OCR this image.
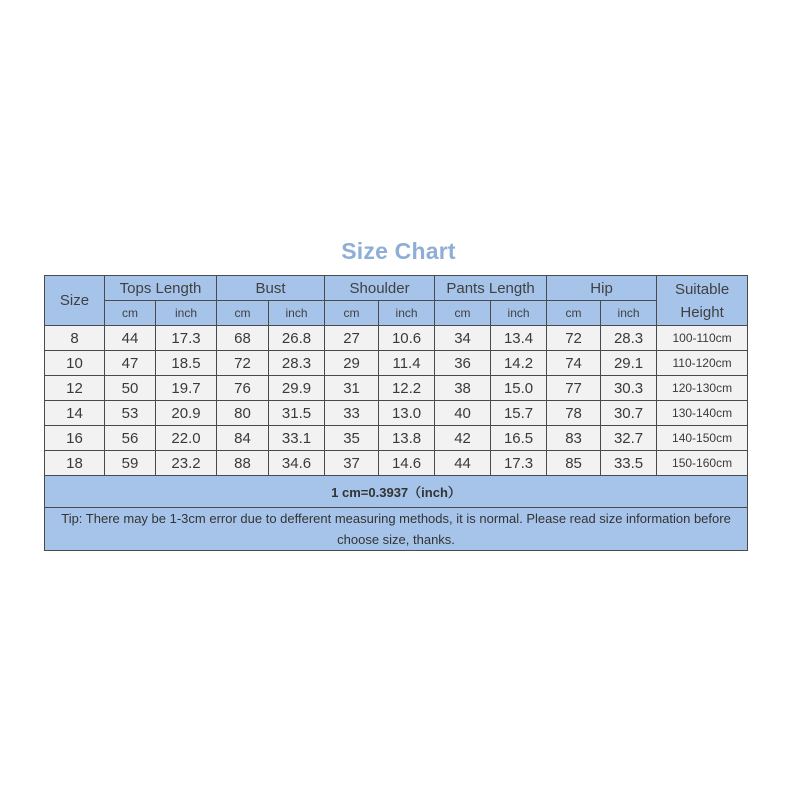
Size Chart
Size	Tops Length		Bust		Shoulder		Pants Length		Hip		Suitable
Height
	cm	inch	cm	inch	cm	inch	cm	inch	cm	inch	
8	44	17.3	68	26.8	27	10.6	34	13.4	72	28.3	100-110cm
10	47	18.5	72	28.3	29	11.4	36	14.2	74	29.1	110-120cm
12	50	19.7	76	29.9	31	12.2	38	15.0	77	30.3	120-130cm
14	53	20.9	80	31.5	33	13.0	40	15.7	78	30.7	130-140cm
16	56	22.0	84	33.1	35	13.8	42	16.5	83	32.7	140-150cm
18	59	23.2	88	34.6	37	14.6	44	17.3	85	33.5	150-160cm
1 cm=0.3937（inch）											
Tip: There may be 1-3cm error due to defferent measuring methods, it is normal. Please read size information before choose size, thanks.											
